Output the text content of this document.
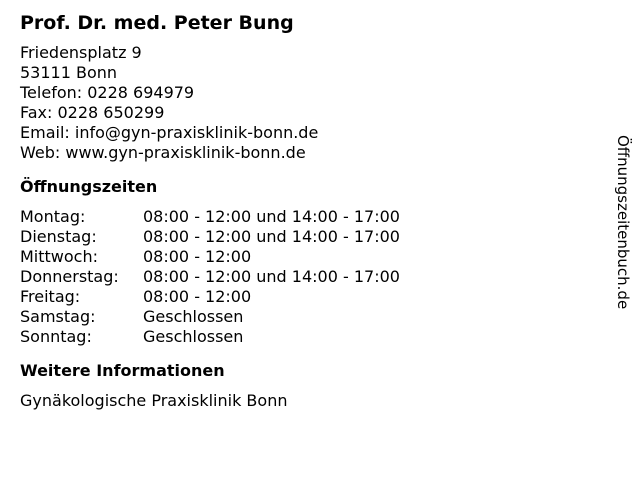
Prof. Dr. med. Peter Bung
Friedensplatz 9
53111 Bonn
Telefon: 0228 694979
Fax: 0228 650299
Email: info@gyn-praxisklinik-bonn.de
Web: www.gyn-praxisklinik-bonn.de
Öffnungszeiten
Montag:	08:00 - 12:00 und 14:00 - 17:00
Dienstag:	08:00 - 12:00 und 14:00 - 17:00
Mittwoch:	08:00 - 12:00
Donnerstag:	08:00 - 12:00 und 14:00 - 17:00
Freitag:	08:00 - 12:00
Samstag:	Geschlossen
Sonntag:	Geschlossen
Weitere Informationen
Gynäkologische Praxisklinik Bonn
Öffnungszeitenbuch.de
